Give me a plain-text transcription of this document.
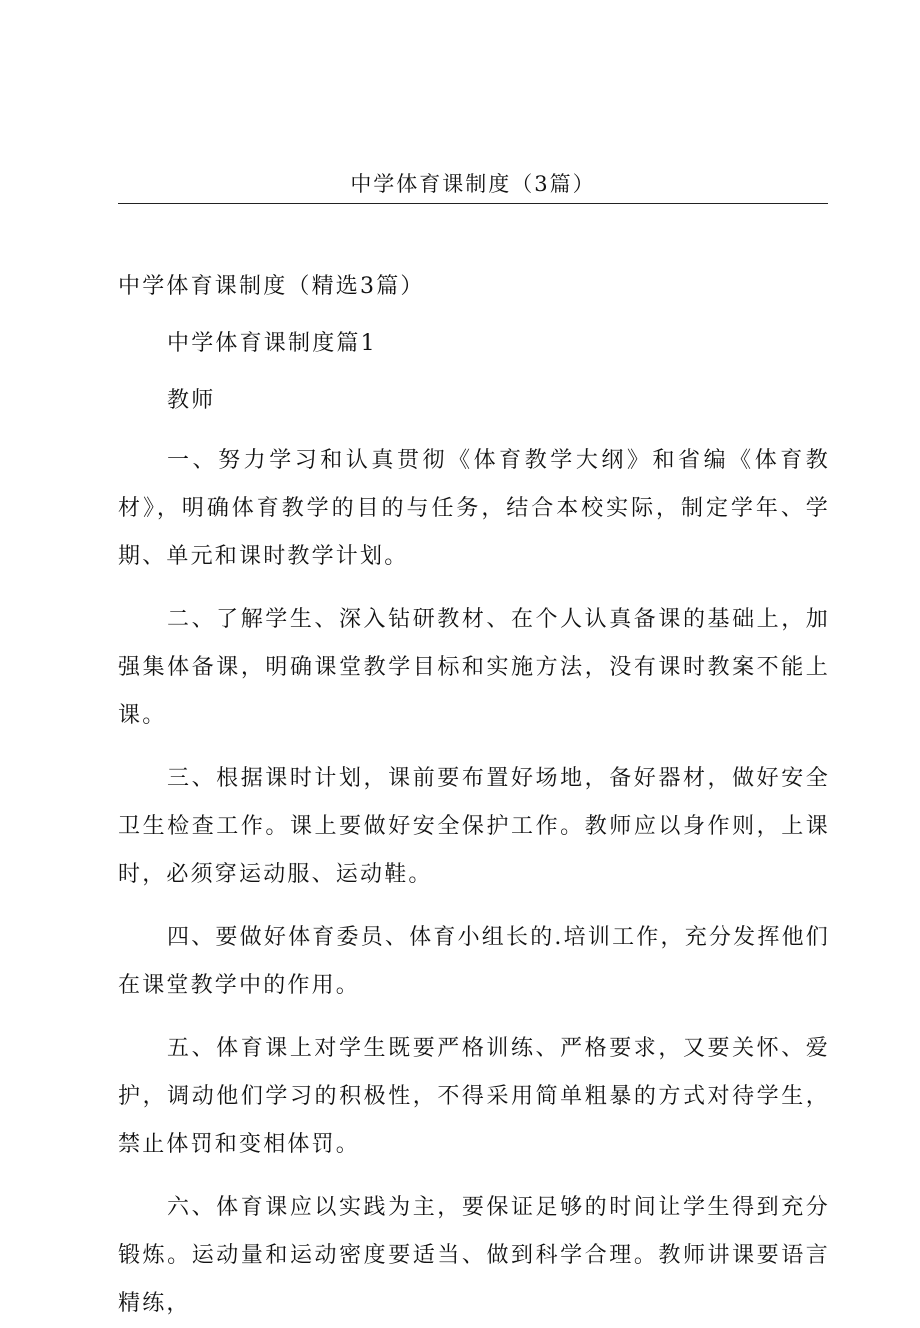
中学体育课制度（3篇）
中学体育课制度（精选3篇）
中学体育课制度篇1
教师
一、努力学习和认真贯彻《体育教学大纲》和省编《体育教材》，明确体育教学的目的与任务，结合本校实际，制定学年、学期、单元和课时教学计划。
二、了解学生、深入钻研教材、在个人认真备课的基础上，加强集体备课，明确课堂教学目标和实施方法，没有课时教案不能上课。
三、根据课时计划，课前要布置好场地，备好器材，做好安全卫生检查工作。课上要做好安全保护工作。教师应以身作则，上课时，必须穿运动服、运动鞋。
四、要做好体育委员、体育小组长的.培训工作，充分发挥他们在课堂教学中的作用。
五、体育课上对学生既要严格训练、严格要求，又要关怀、爱护，调动他们学习的积极性，不得采用简单粗暴的方式对待学生，禁止体罚和变相体罚。
六、体育课应以实践为主，要保证足够的时间让学生得到充分锻炼。运动量和运动密度要适当、做到科学合理。教师讲课要语言精练，
